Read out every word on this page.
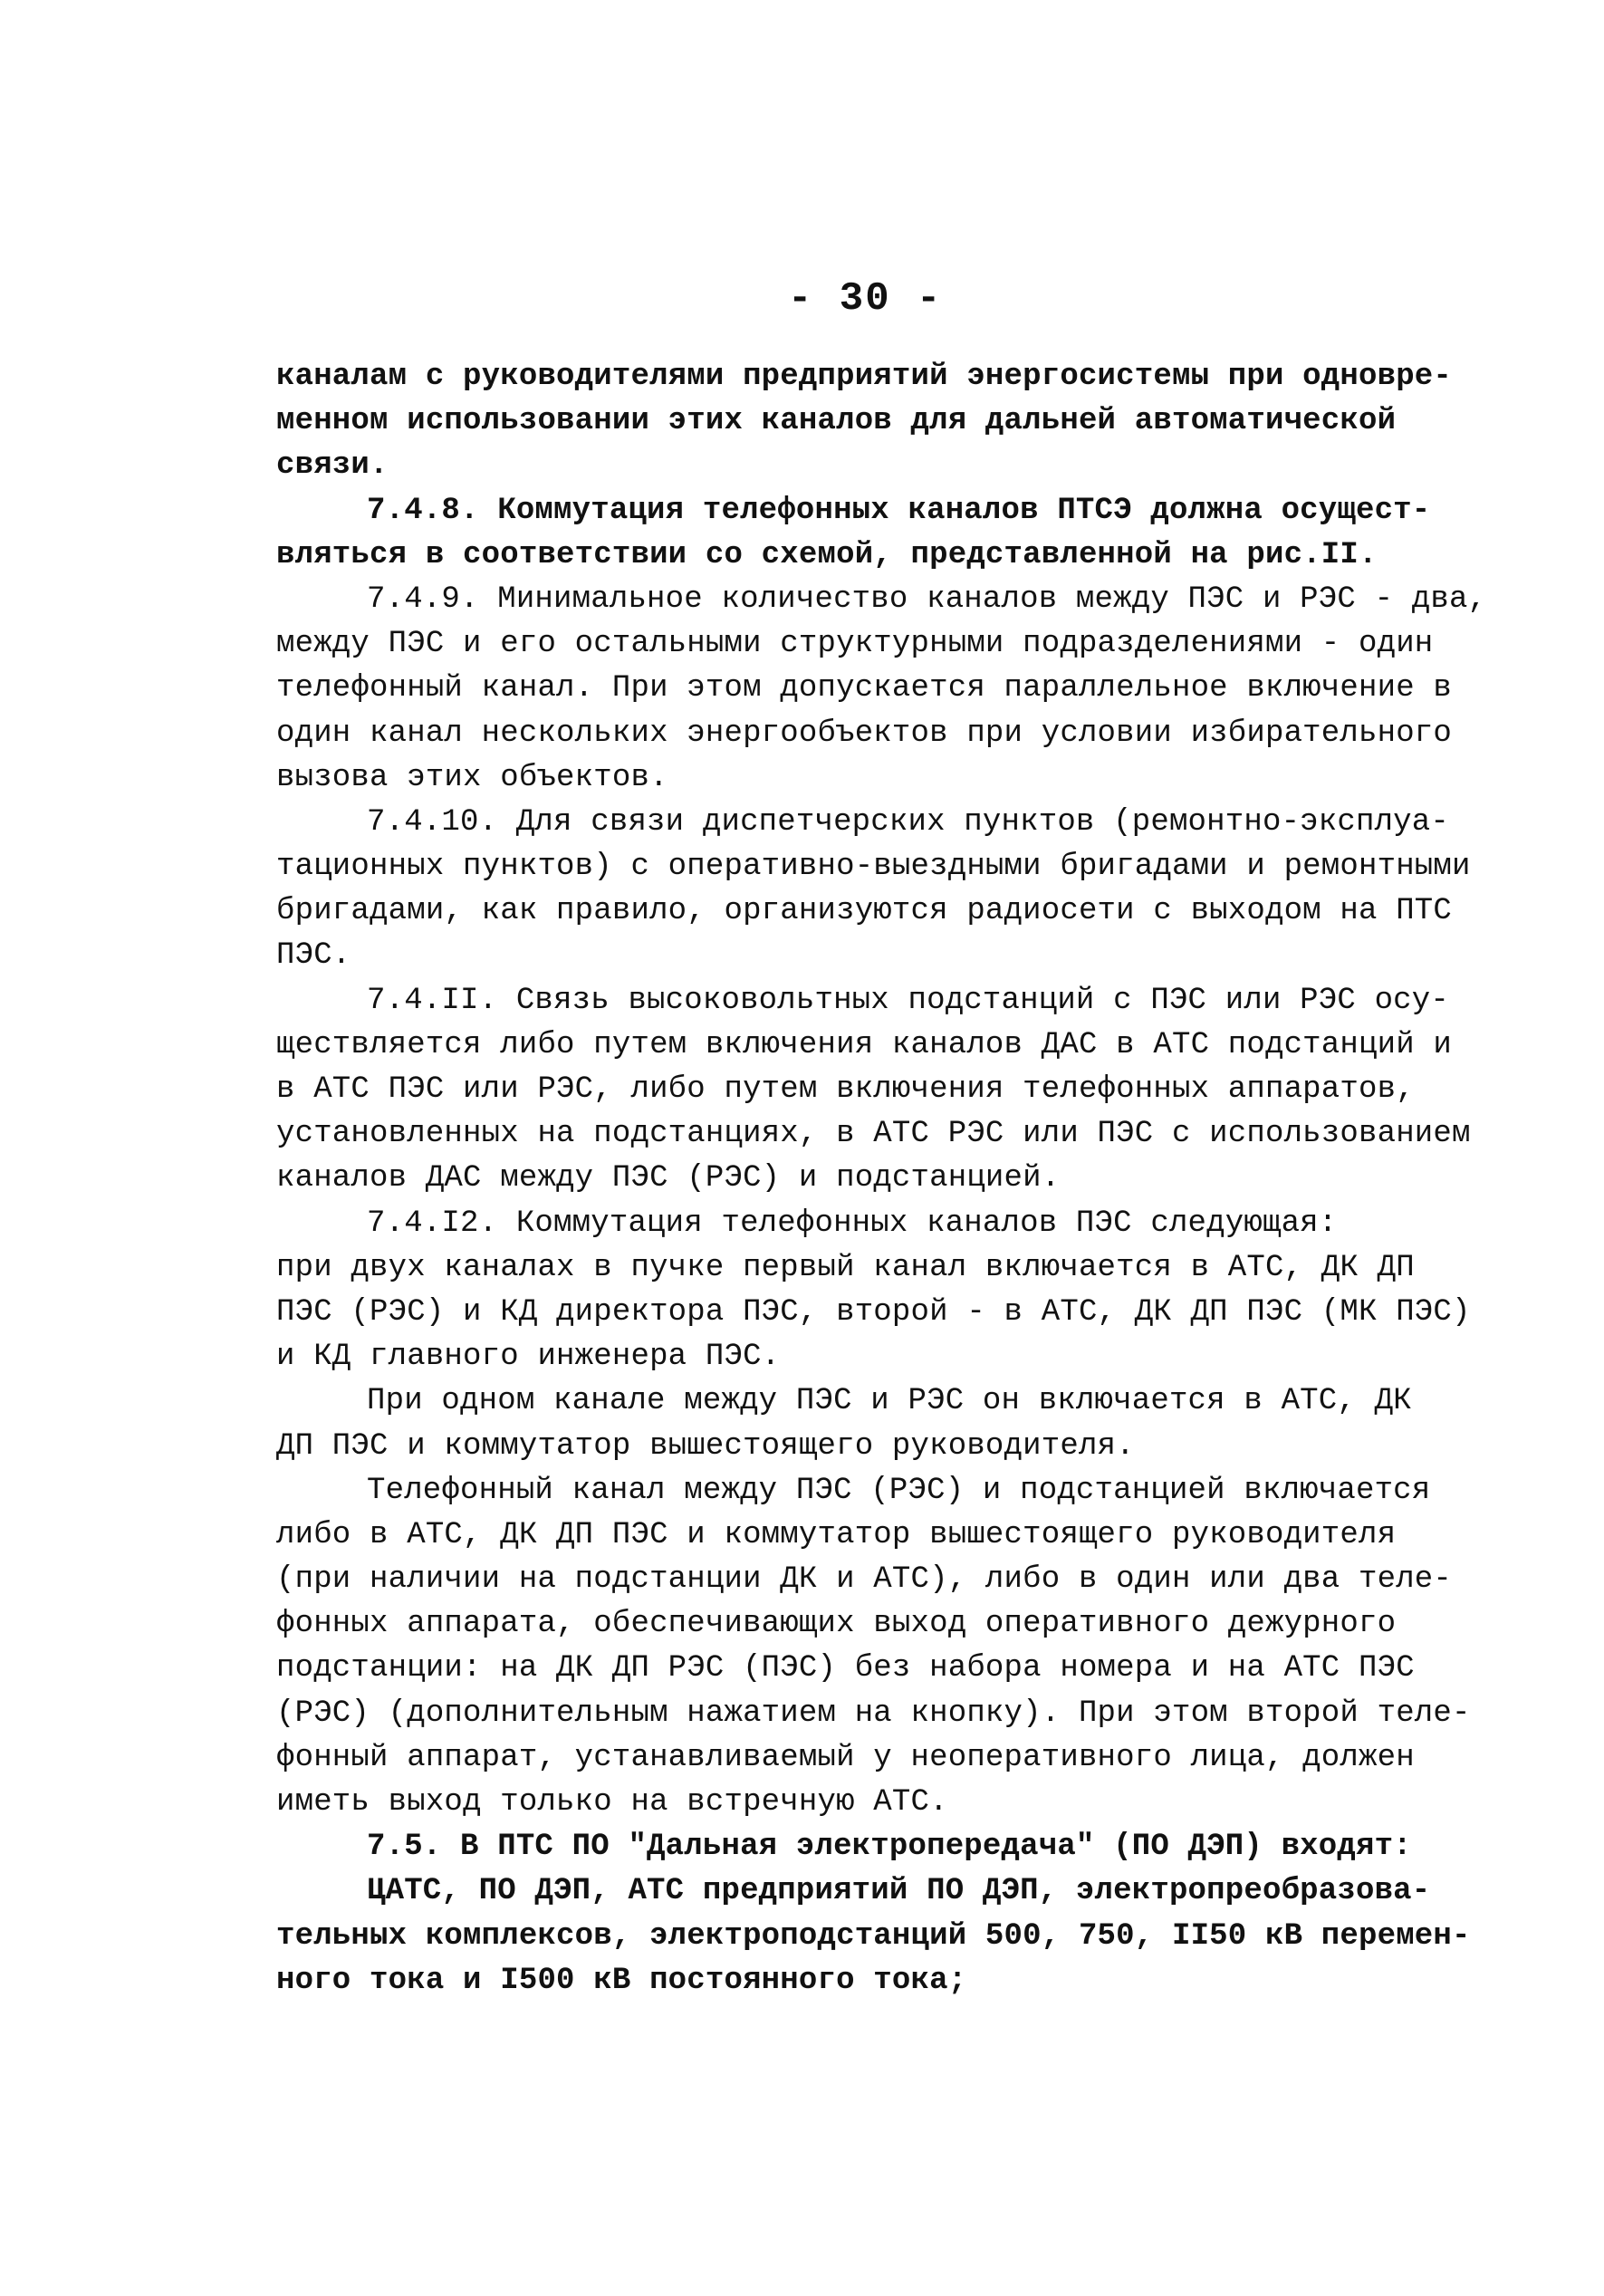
- 30 -
каналам с руководителями предприятий энергосистемы при одновре-
менном использовании этих каналов для дальней автоматической
связи.
7.4.8. Коммутация телефонных каналов ПТСЭ должна осущест-
вляться в соответствии со схемой, представленной на рис.II.
7.4.9. Минимальное количество каналов между ПЭС и РЭС - два,
между ПЭС и его остальными структурными подразделениями - один
телефонный канал. При этом допускается параллельное включение в
один канал нескольких энергообъектов при условии избирательного
вызова этих объектов.
7.4.10. Для связи диспетчерских пунктов (ремонтно-эксплуа-
тационных пунктов) с оперативно-выездными бригадами и ремонтными
бригадами, как правило, организуются радиосети с выходом на ПТС
ПЭС.
7.4.II. Связь высоковольтных подстанций с ПЭС или РЭС осу-
ществляется либо путем включения каналов ДАС в АТС подстанций и
в АТС ПЭС или РЭС, либо путем включения телефонных аппаратов,
установленных на подстанциях, в АТС РЭС или ПЭС с использованием
каналов ДАС между ПЭС (РЭС) и подстанцией.
7.4.I2. Коммутация телефонных каналов ПЭС следующая:
при двух каналах в пучке первый канал включается в АТС, ДК ДП
ПЭС (РЭС) и КД директора ПЭС, второй - в АТС, ДК ДП ПЭС (МК ПЭС)
и КД главного инженера ПЭС.
При одном канале между ПЭС и РЭС он включается в АТС, ДК
ДП ПЭС и коммутатор вышестоящего руководителя.
Телефонный канал между ПЭС (РЭС) и подстанцией включается
либо в АТС, ДК ДП ПЭС и коммутатор вышестоящего руководителя
(при наличии на подстанции ДК и АТС), либо в один или два теле-
фонных аппарата, обеспечивающих выход оперативного дежурного
подстанции: на ДК ДП РЭС (ПЭС) без набора номера и на АТС ПЭС
(РЭС) (дополнительным нажатием на кнопку). При этом второй теле-
фонный аппарат, устанавливаемый у неоперативного лица, должен
иметь выход только на встречную АТС.
7.5. В ПТС ПО "Дальная электропередача" (ПО ДЭП) входят:
ЦАТС, ПО ДЭП, АТС предприятий ПО ДЭП, электропреобразова-
тельных комплексов, электроподстанций 500, 750, II50 кВ перемен-
ного тока и I500 кВ постоянного тока;
